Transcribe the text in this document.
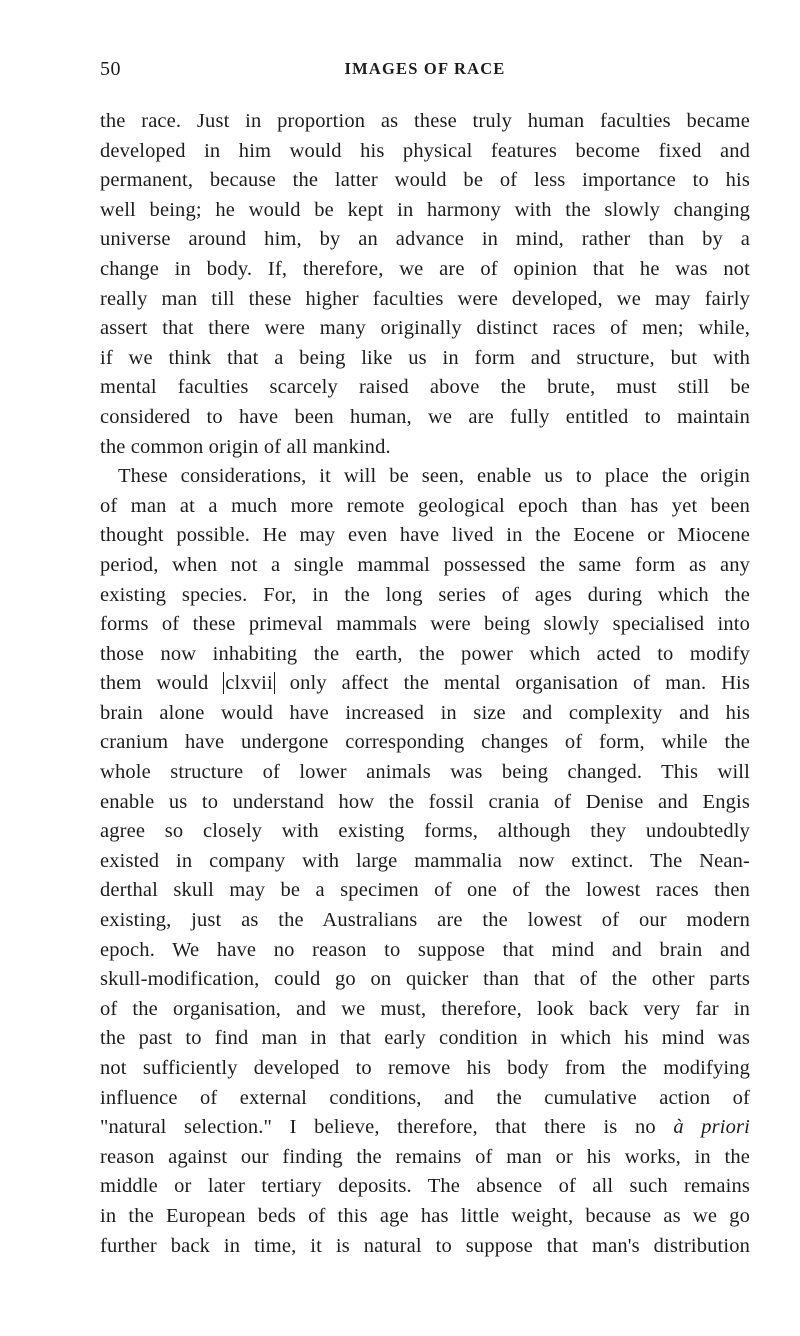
50	IMAGES OF RACE
the race. Just in proportion as these truly human faculties became
developed in him would his physical features become fixed and
permanent, because the latter would be of less importance to his
well being; he would be kept in harmony with the slowly changing
universe around him, by an advance in mind, rather than by a
change in body. If, therefore, we are of opinion that he was not
really man till these higher faculties were developed, we may fairly
assert that there were many originally distinct races of men; while,
if we think that a being like us in form and structure, but with
mental faculties scarcely raised above the brute, must still be
considered to have been human, we are fully entitled to maintain
the common origin of all mankind.
These considerations, it will be seen, enable us to place the origin
of man at a much more remote geological epoch than has yet been
thought possible. He may even have lived in the Eocene or Miocene
period, when not a single mammal possessed the same form as any
existing species. For, in the long series of ages during which the
forms of these primeval mammals were being slowly specialised into
those now inhabiting the earth, the power which acted to modify
them would clxvii only affect the mental organisation of man. His
brain alone would have increased in size and complexity and his
cranium have undergone corresponding changes of form, while the
whole structure of lower animals was being changed. This will
enable us to understand how the fossil crania of Denise and Engis
agree so closely with existing forms, although they undoubtedly
existed in company with large mammalia now extinct. The Nean-
derthal skull may be a specimen of one of the lowest races then
existing, just as the Australians are the lowest of our modern
epoch. We have no reason to suppose that mind and brain and
skull-modification, could go on quicker than that of the other parts
of the organisation, and we must, therefore, look back very far in
the past to find man in that early condition in which his mind was
not sufficiently developed to remove his body from the modifying
influence of external conditions, and the cumulative action of
"natural selection." I believe, therefore, that there is no à priori
reason against our finding the remains of man or his works, in the
middle or later tertiary deposits. The absence of all such remains
in the European beds of this age has little weight, because as we go
further back in time, it is natural to suppose that man's distribution
